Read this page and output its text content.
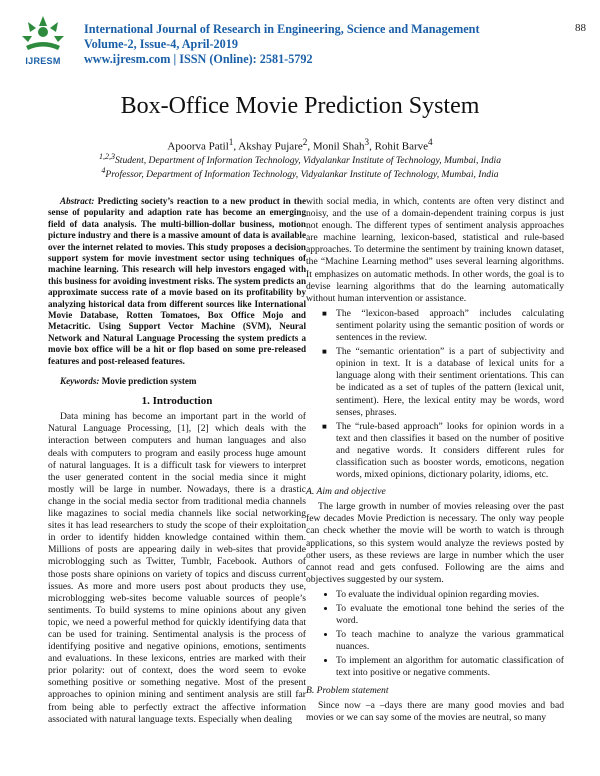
IJRESM
International Journal of Research in Engineering, Science and Management
Volume-2, Issue-4, April-2019
www.ijresm.com | ISSN (Online): 2581-5792
88
Box-Office Movie Prediction System
Apoorva Patil$^1$, Akshay Pujare$^2$, Monil Shah$^3$, Rohit Barve$^4$
$^{1,2,3}$Student, Department of Information Technology, Vidyalankar Institute of Technology, Mumbai, India
$^4$Professor, Department of Information Technology, Vidyalankar Institute of Technology, Mumbai, India

Abstract: Predicting society’s reaction to a new product in the sense of popularity and adaption rate has become an emerging field of data analysis. The multi-billion-dollar business, motion picture industry and there is a massive amount of data is available over the internet related to movies. This study proposes a decision support system for movie investment sector using techniques of machine learning. This research will help investors engaged with this business for avoiding investment risks. The system predicts an approximate success rate of a movie based on its profitability by analyzing historical data from different sources like International Movie Database, Rotten Tomatoes, Box Office Mojo and Metacritic. Using Support Vector Machine (SVM), Neural Network and Natural Language Processing the system predicts a movie box office will be a hit or flop based on some pre-released features and post-released features.

Keywords: Movie prediction system

1. Introduction

Data mining has become an important part in the world of Natural Language Processing, [1], [2] which deals with the interaction between computers and human languages and also deals with computers to program and easily process huge amount of natural languages. It is a difficult task for viewers to interpret the user generated content in the social media since it might mostly will be large in number. Nowadays, there is a drastic change in the social media sector from traditional media channels like magazines to social media channels like social networking sites it has lead researchers to study the scope of their exploitation in order to identify hidden knowledge contained within them. Millions of posts are appearing daily in web-sites that provide microblogging such as Twitter, Tumblr, Facebook. Authors of those posts share opinions on variety of topics and discuss current issues. As more and more users post about products they use, microblogging web-sites become valuable sources of people’s sentiments. To build systems to mine opinions about any given topic, we need a powerful method for quickly identifying data that can be used for training. Sentimental analysis is the process of identifying positive and negative opinions, emotions, sentiments and evaluations. In these lexicons, entries are marked with their prior polarity: out of context, does the word seem to evoke something positive or something negative. Most of the present approaches to opinion mining and sentiment analysis are still far from being able to perfectly extract the affective information associated with natural language texts. Especially when dealing

with social media, in which, contents are often very distinct and noisy, and the use of a domain-dependent training corpus is just not enough. The different types of sentiment analysis approaches are machine learning, lexicon-based, statistical and rule-based approaches. To determine the sentiment by training known dataset, the “Machine Learning method” uses several learning algorithms. It emphasizes on automatic methods. In other words, the goal is to devise learning algorithms that do the learning automatically without human intervention or assistance.

■ The “lexicon-based approach” includes calculating sentiment polarity using the semantic position of words or sentences in the review.
■ The “semantic orientation” is a part of subjectivity and opinion in text. It is a database of lexical units for a language along with their sentiment orientations. This can be indicated as a set of tuples of the pattern (lexical unit, sentiment). Here, the lexical entity may be words, word senses, phrases.
■ The “rule-based approach” looks for opinion words in a text and then classifies it based on the number of positive and negative words. It considers different rules for classification such as booster words, emoticons, negation words, mixed opinions, dictionary polarity, idioms, etc.
A. Aim and objective

The large growth in number of movies releasing over the past few decades Movie Prediction is necessary. The only way people can check whether the movie will be worth to watch is through applications, so this system would analyze the reviews posted by other users, as these reviews are large in number which the user cannot read and gets confused. Following are the aims and objectives suggested by our system.

• To evaluate the individual opinion regarding movies.
• To evaluate the emotional tone behind the series of the word.
• To teach machine to analyze the various grammatical nuances.
• To implement an algorithm for automatic classification of text into positive or negative comments.
B. Problem statement

Since now –a –days there are many good movies and bad movies or we can say some of the movies are neutral, so many
